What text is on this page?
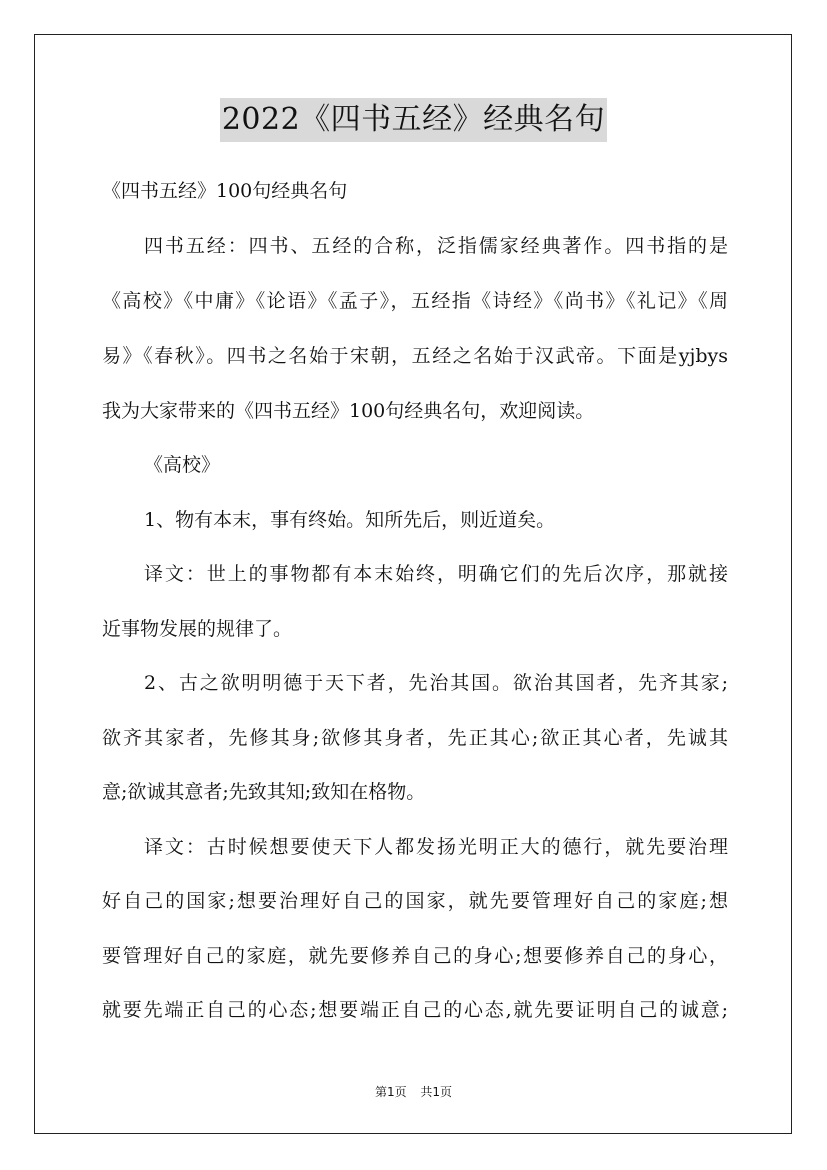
2022《四书五经》经典名句
《四书五经》100句经典名句
四书五经：四书、五经的合称，泛指儒家经典著作。四书指的是
《高校》《中庸》《论语》《孟子》，五经指《诗经》《尚书》《礼记》《周
易》《春秋》。四书之名始于宋朝，五经之名始于汉武帝。下面是yjbys
我为大家带来的《四书五经》100句经典名句，欢迎阅读。
《高校》
1、物有本末，事有终始。知所先后，则近道矣。
译文：世上的事物都有本末始终，明确它们的先后次序，那就接
近事物发展的规律了。
2、古之欲明明德于天下者，先治其国。欲治其国者，先齐其家;
欲齐其家者，先修其身;欲修其身者，先正其心;欲正其心者，先诚其
意;欲诚其意者;先致其知;致知在格物。
译文：古时候想要使天下人都发扬光明正大的德行，就先要治理
好自己的国家;想要治理好自己的国家，就先要管理好自己的家庭;想
要管理好自己的家庭，就先要修养自己的身心;想要修养自己的身心，
就要先端正自己的心态;想要端正自己的心态,就先要证明自己的诚意;
第1页 共1页
